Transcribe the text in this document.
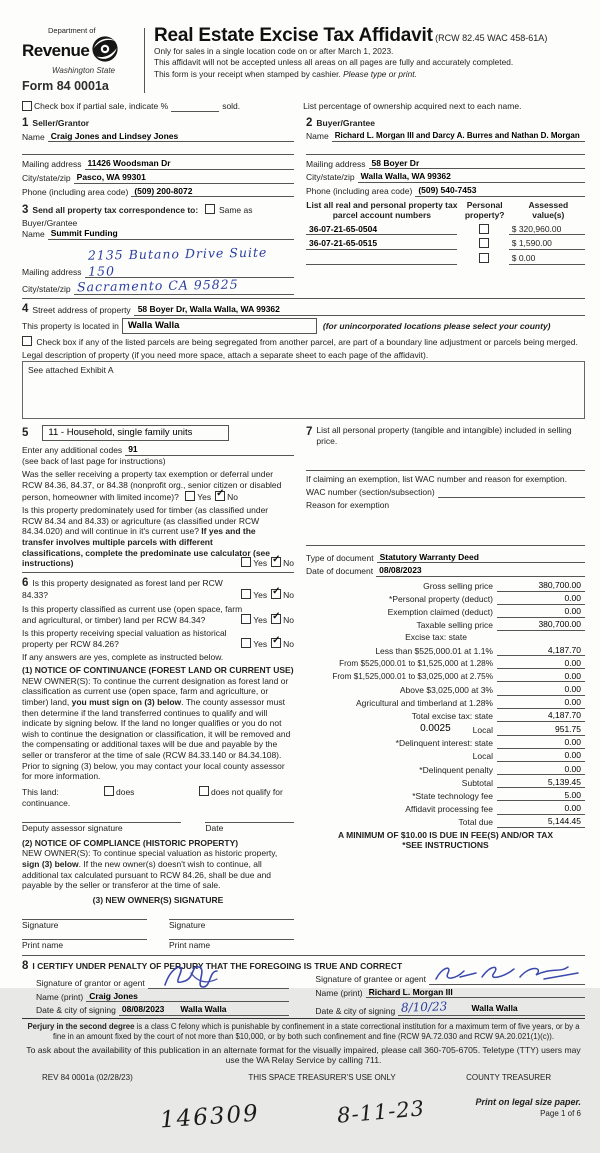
Department of
Revenue
Washington State
Form 84 0001a
Real Estate Excise Tax Affidavit (RCW 82.45 WAC 458-61A)
Only for sales in a single location code on or after March 1, 2023.
This affidavit will not be accepted unless all areas on all pages are fully and accurately completed.
This form is your receipt when stamped by cashier. Please type or print.
Check box if partial sale, indicate %
	sold.	List percentage of ownership acquired next to each name.
1 Seller/Grantor
Name Craig Jones and Lindsey Jones
Mailing address 11426 Woodsman Dr
City/state/zip Pasco, WA 99301
Phone (including area code) (509) 200-8072
3 Send all property tax correspondence to: Same as Buyer/Grantee
Name Summit Funding
Mailing address
2135 Butano Drive Suite 150
City/state/zip Sacramento CA 95825
2 Buyer/Grantee
Name Richard L. Morgan III and Darcy A. Burres and Nathan D. Morgan
Mailing address 58 Boyer Dr
City/state/zip Walla Walla, WA 99362
Phone (including area code) (509) 540-7453
List all real and personal property tax parcel account numbers
Personal property?
Assessed value(s)
36-07-21-65-0504	$ 320,960.00
36-07-21-65-0515	$ 1,590.00
$ 0.00
4 Street address of property 58 Boyer Dr, Walla Walla, WA 99362
This property is located in Walla Walla	(for unincorporated locations please select your county)
Check box if any of the listed parcels are being segregated from another parcel, are part of a boundary line adjustment or parcels being merged.
Legal description of property (if you need more space, attach a separate sheet to each page of the affidavit).
See attached Exhibit A
5	11 - Household, single family units
Enter any additional codes 91
(see back of last page for instructions)
Was the seller receiving a property tax exemption or deferral under RCW 84.36, 84.37, or 84.38 (nonprofit org., senior citizen or disabled person, homeowner with limited income)? Yes ✓ No
Is this property predominately used for timber (as classified under RCW 84.34 and 84.33) or agriculture (as classified under RCW 84.34.020) and will continue in it's current use? If yes and the transfer involves multiple parcels with different classifications, complete the predominate use calculator (see instructions)	Yes ✓ No
6 Is this property designated as forest land per RCW 84.33?	Yes ✓ No
Is this property classified as current use (open space, farm and agricultural, or timber) land per RCW 84.34?	Yes ✓ No
Is this property receiving special valuation as historical property per RCW 84.26?	Yes ✓ No
If any answers are yes, complete as instructed below.
(1) NOTICE OF CONTINUANCE (FOREST LAND OR CURRENT USE)
NEW OWNER(S): To continue the current designation as forest land or classification as current use (open space, farm and agriculture, or timber) land, you must sign on (3) below. The county assessor must then determine if the land transferred continues to qualify and will indicate by signing below. If the land no longer qualifies or you do not wish to continue the designation or classification, it will be removed and the compensating or additional taxes will be due and payable by the seller or transferor at the time of sale (RCW 84.33.140 or 84.34.108). Prior to signing (3) below, you may contact your local county assessor for more information.
This land:	does	does not qualify for
continuance.
Deputy assessor signature	Date
(2) NOTICE OF COMPLIANCE (HISTORIC PROPERTY)
NEW OWNER(S): To continue special valuation as historic property, sign (3) below. If the new owner(s) doesn't wish to continue, all additional tax calculated pursuant to RCW 84.26, shall be due and payable by the seller or transferor at the time of sale.
(3) NEW OWNER(S) SIGNATURE
Signature	Signature
Print name	Print name
7 List all personal property (tangible and intangible) included in selling price.
If claiming an exemption, list WAC number and reason for exemption.
WAC number (section/subsection)
Reason for exemption
Type of document Statutory Warranty Deed
Date of document 08/08/2023
Gross selling price	380,700.00
*Personal property (deduct)	0.00
Exemption claimed (deduct)	0.00
Taxable selling price	380,700.00
Excise tax: state
Less than $525,000.01 at 1.1%	4,187.70
From $525,000.01 to $1,525,000 at 1.28%	0.00
From $1,525,000.01 to $3,025,000 at 2.75%	0.00
Above $3,025,000 at 3%	0.00
Agricultural and timberland at 1.28%	0.00
Total excise tax: state	4,187.70
0.0025	Local	951.75
*Delinquent interest: state	0.00
Local	0.00
*Delinquent penalty	0.00
Subtotal	5,139.45
*State technology fee	5.00
Affidavit processing fee	0.00
Total due	5,144.45
A MINIMUM OF $10.00 IS DUE IN FEE(S) AND/OR TAX
*SEE INSTRUCTIONS
8 I CERTIFY UNDER PENALTY OF PERJURY THAT THE FOREGOING IS TRUE AND CORRECT
Signature of grantor or agent
Name (print) Craig Jones
Date & city of signing 08/08/2023 Walla Walla
Signature of grantee or agent
Name (print) Richard L. Morgan III
Date & city of signing 8/10/23	Walla Walla
Perjury in the second degree is a class C felony which is punishable by confinement in a state correctional institution for a maximum term of five years, or by a fine in an amount fixed by the court of not more than $10,000, or by both such confinement and fine (RCW 9A.72.030 and RCW 9A.20.021(1)(c)).
To ask about the availability of this publication in an alternate format for the visually impaired, please call 360-705-6705. Teletype (TTY) users may use the WA Relay Service by calling 711.
REV 84 0001a (02/28/23)	THIS SPACE TREASURER'S USE ONLY	COUNTY TREASURER
146309	8-11-23	Print on legal size paper.
Page 1 of 6
